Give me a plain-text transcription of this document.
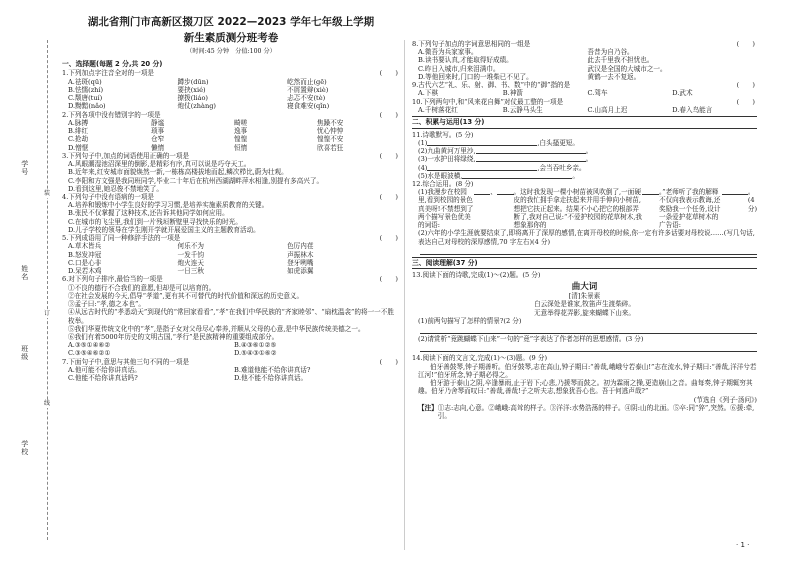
学号
姓名
班级
学校
装
订
线
湖北省荆门市高新区掇刀区 2022—2023 学年七年级上学期
新生素质测分班考卷
（时间:45 分钟　分值:100 分）
一、选择题(每题 2 分,共 20 分)
1.下列加点字注音全对的一项是	(　　)
A.祛斑(qū)	蹲步(dūn)	屹然而止(gē)
B.怯懦(zhí)	要挟(xié)	不屑置辩(xiè)
C.颓唐(tuí)	撩拨(liáo)	忐忑不安(tè)
D.黝黯(nǎo)	炮仗(zhàng)	寝食难安(qǐn)
2.下列各项中没有错别字的一项是	(　　)
A.脉搏	静谧	畸嗟	焦躁不安
B.绯红	琐事	逸事	忧心忡忡
C.抢劫	仓窄	惶惶	惶惶不安
D.憎惬	懒惰	恒惰	欣喜若狂
3.下列句子中,加点的词语使用正确的一项是	(　　)
A.风眼潮湿池沼深里的倒影,是精彩有序,真可以说是巧夺天工。
B.近年来,红安城市面貌焕然一新,一栋栋高楼拔地而起,鳞次栉比,蔚为壮观。
C.李阳和方文强是我同班同学,毕业二十年后在杭州西湖湖畔萍水相逢,别提有多高兴了。
D.看到这里,她忍俊不禁地笑了。
4.下列句子中没有语病的一项是	(　　)
A.培养和锻炼中小学生良好的学习习惯,是培养实施素质教育的关键。
B.张民不仅掌握了这种技术,还告诉其他同学如何应用。
C.在城市的飞尘里,我们到一片残垣断壁里寻找快乐的时光。
D.儿子学校的领导在学生刚开学就开展爱国主义的主题教育活动。
5.下列成语用了同一种修辞手法的一项是	(　　)
A.草木皆兵	何乐不为	色厉内荏
B.怒发冲冠	一发千钧	声振林木
C.口是心非	炮火连天	登牙咧嘴
D.呆若木鸡	一日三秋	如虎添翼
6.对下列句子排序,最恰当的一项是	(　　)
①不良的德行不合我们的意愿,但却是可以培育的。
②在社会发展的今天,倡导“孝道”,更有其不可替代的时代价值和深远的历史意义。
③孟子曰:“孝,德之本也”。
④从远古时代的“孝悉动天”到现代的“常回家看看”,“孝”在我们中华民族的“齐家睦邻”、“扇枕温衾”的将一一不胜枚举。
⑤我们华夏传统文化中的“孝”,是指子女对父母尽心奉养,并顺从父母的心意,是中华民族传统美德之一。
⑥我们有着5000年历史的文明古国,“孝行”是民族精神的重要组成部分。
A.③⑤①④⑥②	B.④③⑥①②⑤
C.③⑤④⑥②①	D.⑤④③①⑥②
7.下面句子中,意思与其他三句不同的一项是	(　　)
A.他可能不给你讲真话。	B.难道他能不给你讲真话?
C.他能不给你讲真话吗?	D.他不能不给你讲真话。
8.下列句子加点的字词意思相同的一组是	(　　)
A.微吾为兵家家事。	吾昔为自乃谷。
B.读书要认真,才能取得好成绩。	此去千里我不担忧也。
C.昨日入城市,归来泪满巾。	武汉是全国的大城市之一。
D.等他回来时,门口的一堆柴已不见了。	黄鹤一去不复返。
9.古代六艺“礼、乐、射、御、书、数”中的“御”指的是	(　　)
A.下棋	B.神箭	C.驾车	D.武术
10.下列两句中,和“风来花自舞”对仗最工整的一项是	(　　)
A.千树落花红	B.云静马头生	C.山高月上迟	D.春入鸟能言
二、积累与运用(13 分)
11.诗歌默写。(5 分)
(1)	,白头搔更短。
(2)九曲黄河万里沙,	。
(3)一水护田将绿绕,	。
(4)	,会当吞吐乡亲。
(5)水是眼波横,	。
12.综合运用。(8 分)
(1)我漫步在校园里,看到校园的景色真美呀!不禁想到了两个描写景色优美的词语:
、	。这时我发现一棵小树苗被风吹倒了,一面硬皮的我忙拥手拿走扶起来并用手伸向小树苗,想把它扶正起来。结果不小心把它的根部弄断了,我对自己说:“不爱护校园的花草树木,我想象那你的
。”老师听了我的解释不仅向我表示教诲,还奖励我一个任务,设计一条爱护花草树木的广告语:
。(4 分)
(2)六年的小学生涯就要结束了,即将离开了深厚的感情,在离开母校的时候,你一定有许多话要对母校说……(写几句话,表达自己对母校的深厚感情,70 字左右)(4 分)
三、阅读理解(37 分)
13.阅读下面的诗歌,完成(1)～(2)题。(5 分)
曲大词
[清]朱景素
白云深处是谁家,牧笛声生渡柴碎。
无意举得花弄影,旋来蝴蝶下山来。
(1)前两句描写了怎样的情景?(2 分)
(2)请赏析“竟跳蝴蝶下山来”一句的“竟”字表达了作者怎样的思想感情。(3 分)
14.阅读下面的文言文,完成(1)～(3)题。(9 分)
伯牙善鼓琴,钟子期善听。伯牙鼓琴,志在高山,钟子期曰:“善哉,峨峨兮若泰山!”志在流水,钟子期曰:“善哉,洋洋兮若江河!”伯牙所念,钟子期必得之。
伯牙游于泰山之阴,卒逢暴雨,止于岩下;心悲,乃援琴而鼓之。初为霖雨之操,更造崩山之音。曲每奏,钟子期辄穷其趣。伯牙乃舍琴而叹曰:“善哉,善哉!子之听夫志,想象犹吾心也。吾于何逃声哉?”
(节选自《列子·汤问》)
【注】 ①志:志向,心意。②峨峨:高耸的样子。③洋洋:水势浩荡的样子。④阴:山的北面。⑤卒:同“猝”,突然。⑥援:牵,引。
· 1 ·
